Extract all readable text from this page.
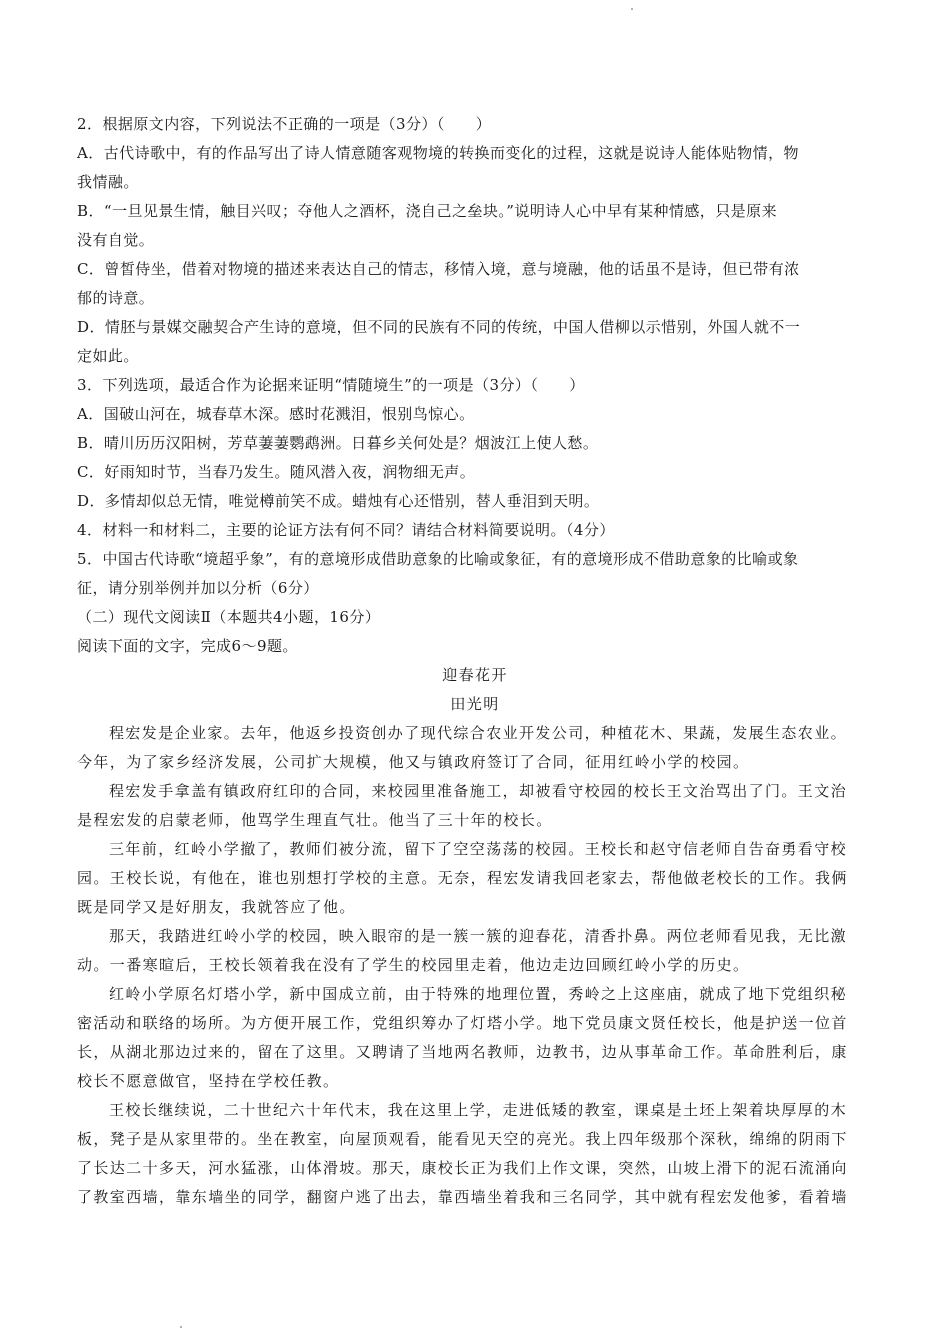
2．根据原文内容，下列说法不正确的一项是（3分）（　　）
A．古代诗歌中，有的作品写出了诗人情意随客观物境的转换而变化的过程，这就是说诗人能体贴物情，物
我情融。
B．“一旦见景生情，触目兴叹；夺他人之酒杯，浇自己之垒块。”说明诗人心中早有某种情感，只是原来
没有自觉。
C．曾皙侍坐，借着对物境的描述来表达自己的情志，移情入境，意与境融，他的话虽不是诗，但已带有浓
郁的诗意。
D．情胚与景媒交融契合产生诗的意境，但不同的民族有不同的传统，中国人借柳以示惜别，外国人就不一
定如此。
3．下列选项，最适合作为论据来证明“情随境生”的一项是（3分）（　　）
A．国破山河在，城春草木深。感时花溅泪，恨别鸟惊心。
B．晴川历历汉阳树，芳草萋萋鹦鹉洲。日暮乡关何处是？烟波江上使人愁。
C．好雨知时节，当春乃发生。随风潜入夜，润物细无声。
D．多情却似总无情，唯觉樽前笑不成。蜡烛有心还惜别，替人垂泪到天明。
4．材料一和材料二，主要的论证方法有何不同？请结合材料简要说明。（4分）
5．中国古代诗歌“境超乎象”，有的意境形成借助意象的比喻或象征，有的意境形成不借助意象的比喻或象
征，请分别举例并加以分析（6分）
（二）现代文阅读Ⅱ（本题共4小题，16分）
阅读下面的文字，完成6～9题。
迎春花开
田光明
程宏发是企业家。去年，他返乡投资创办了现代综合农业开发公司，种植花木、果蔬，发展生态农业。
今年，为了家乡经济发展，公司扩大规模，他又与镇政府签订了合同，征用红岭小学的校园。
程宏发手拿盖有镇政府红印的合同，来校园里准备施工，却被看守校园的校长王文治骂出了门。王文治
是程宏发的启蒙老师，他骂学生理直气壮。他当了三十年的校长。
三年前，红岭小学撤了，教师们被分流，留下了空空荡荡的校园。王校长和赵守信老师自告奋勇看守校
园。王校长说，有他在，谁也别想打学校的主意。无奈，程宏发请我回老家去，帮他做老校长的工作。我俩
既是同学又是好朋友，我就答应了他。
那天，我踏进红岭小学的校园，映入眼帘的是一簇一簇的迎春花，清香扑鼻。两位老师看见我，无比激
动。一番寒暄后，王校长领着我在没有了学生的校园里走着，他边走边回顾红岭小学的历史。
红岭小学原名灯塔小学，新中国成立前，由于特殊的地理位置，秀岭之上这座庙，就成了地下党组织秘
密活动和联络的场所。为方便开展工作，党组织筹办了灯塔小学。地下党员康文贤任校长，他是护送一位首
长，从湖北那边过来的，留在了这里。又聘请了当地两名教师，边教书，边从事革命工作。革命胜利后，康
校长不愿意做官，坚持在学校任教。
王校长继续说，二十世纪六十年代末，我在这里上学，走进低矮的教室，课桌是土坯上架着块厚厚的木
板，凳子是从家里带的。坐在教室，向屋顶观看，能看见天空的亮光。我上四年级那个深秋，绵绵的阴雨下
了长达二十多天，河水猛涨，山体滑坡。那天，康校长正为我们上作文课，突然，山坡上滑下的泥石流涌向
了教室西墙，靠东墙坐的同学，翻窗户逃了出去，靠西墙坐着我和三名同学，其中就有程宏发他爹，看着墙
